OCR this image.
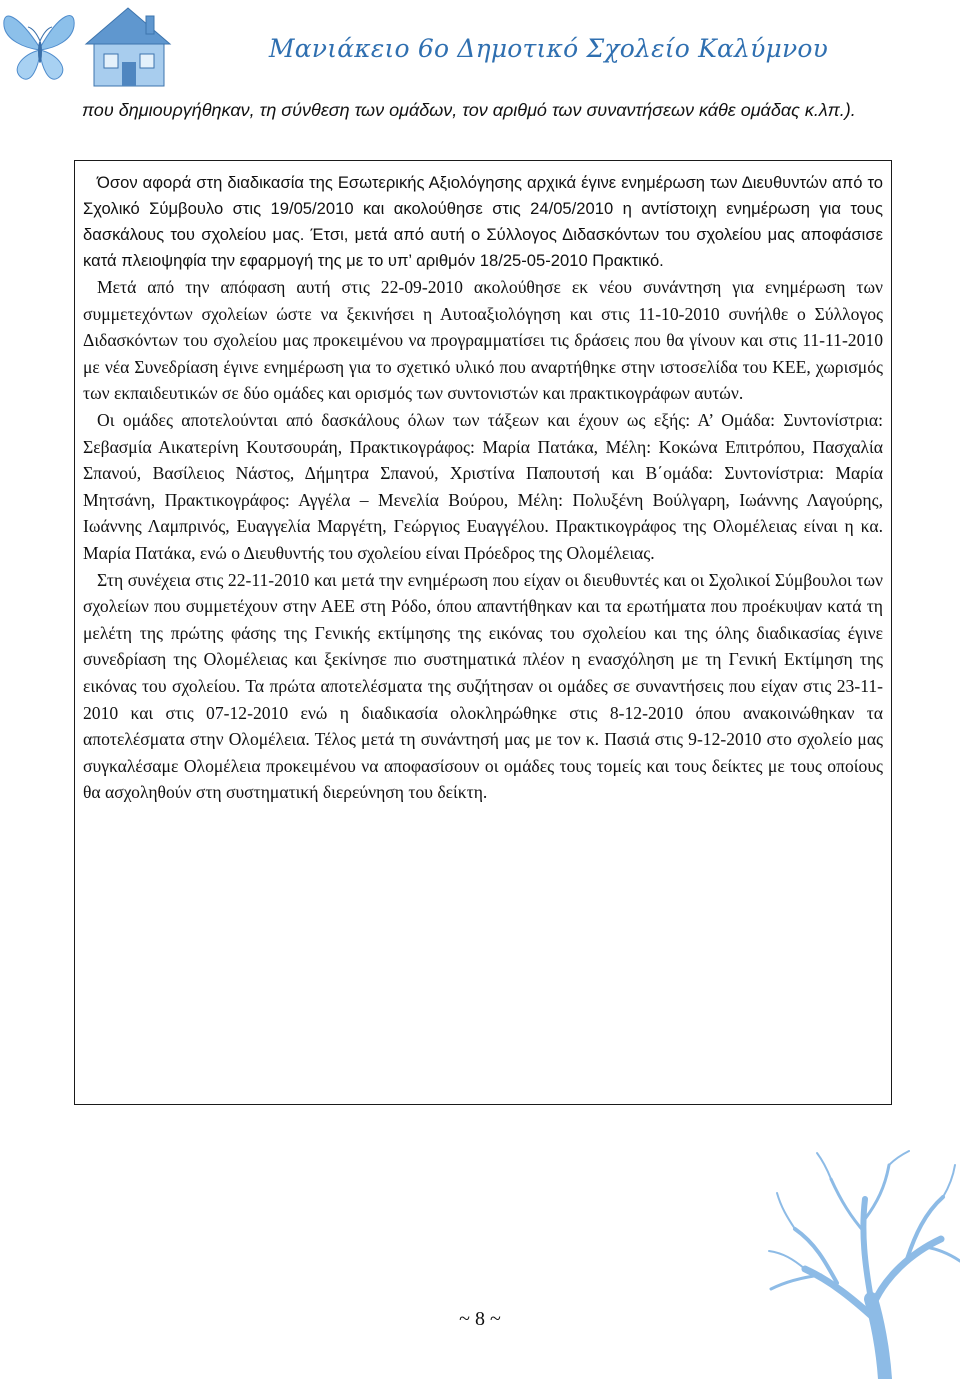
Μανιάκειο 6ο Δημοτικό Σχολείο Καλύμνου

που δημιουργήθηκαν, τη σύνθεση των ομάδων, τον αριθμό των συναντήσεων κάθε ομάδας κ.λπ.).

Όσον αφορά στη διαδικασία της Εσωτερικής Αξιολόγησης αρχικά έγινε ενημέρωση των Διευθυντών από το Σχολικό Σύμβουλο στις 19/05/2010 και ακολούθησε στις 24/05/2010 η αντίστοιχη ενημέρωση για τους δασκάλους του σχολείου μας. Έτσι, μετά από αυτή ο Σύλλογος Διδασκόντων του σχολείου μας αποφάσισε κατά πλειοψηφία την εφαρμογή της με το υπ’ αριθμόν 18/25-05-2010 Πρακτικό.

Μετά από την απόφαση αυτή στις 22-09-2010 ακολούθησε εκ νέου συνάντηση για ενημέρωση των συμμετεχόντων σχολείων ώστε να ξεκινήσει η Αυτοαξιολόγηση και στις 11-10-2010 συνήλθε ο Σύλλογος Διδασκόντων του σχολείου μας προκειμένου να προγραμματίσει τις δράσεις που θα γίνουν και στις 11-11-2010 με νέα Συνεδρίαση έγινε ενημέρωση για το σχετικό υλικό που αναρτήθηκε στην ιστοσελίδα του ΚΕΕ, χωρισμός των εκπαιδευτικών σε δύο ομάδες και ορισμός των συντονιστών και πρακτικογράφων αυτών.

Οι ομάδες αποτελούνται από δασκάλους όλων των τάξεων και έχουν ως εξής: Α’ Ομάδα: Συντονίστρια: Σεβασμία Αικατερίνη Κουτσουράη, Πρακτικογράφος: Μαρία Πατάκα, Μέλη: Κοκώνα Επιτρόπου, Πασχαλία Σπανού, Βασίλειος Νάστος, Δήμητρα Σπανού, Χριστίνα Παπουτσή και Β΄ομάδα: Συντονίστρια: Μαρία Μητσάνη, Πρακτικογράφος: Αγγέλα – Μενελία Βούρου, Μέλη: Πολυξένη Βούλγαρη, Ιωάννης Λαγούρης, Ιωάννης Λαμπρινός, Ευαγγελία Μαργέτη, Γεώργιος Ευαγγέλου. Πρακτικογράφος της Ολομέλειας είναι η κα. Μαρία Πατάκα, ενώ ο Διευθυντής του σχολείου είναι Πρόεδρος της Ολομέλειας.

Στη συνέχεια στις 22-11-2010 και μετά την ενημέρωση που είχαν οι διευθυντές και οι Σχολικοί Σύμβουλοι των σχολείων που συμμετέχουν στην ΑΕΕ στη Ρόδο, όπου απαντήθηκαν και τα ερωτήματα που προέκυψαν κατά τη μελέτη της πρώτης φάσης της Γενικής εκτίμησης της εικόνας του σχολείου και της όλης διαδικασίας έγινε συνεδρίαση της Ολομέλειας και ξεκίνησε πιο συστηματικά πλέον η ενασχόληση με τη Γενική Εκτίμηση της εικόνας του σχολείου. Τα πρώτα αποτελέσματα της συζήτησαν οι ομάδες σε συναντήσεις που είχαν στις 23-11-2010 και στις 07-12-2010 ενώ η διαδικασία ολοκληρώθηκε στις 8-12-2010 όπου ανακοινώθηκαν τα αποτελέσματα στην Ολομέλεια. Τέλος μετά τη συνάντησή μας με τον κ. Πασιά στις 9-12-2010 στο σχολείο μας συγκαλέσαμε Ολομέλεια προκειμένου να αποφασίσουν οι ομάδες τους τομείς και τους δείκτες με τους οποίους θα ασχοληθούν στη συστηματική διερεύνηση του δείκτη.

~ 8 ~
